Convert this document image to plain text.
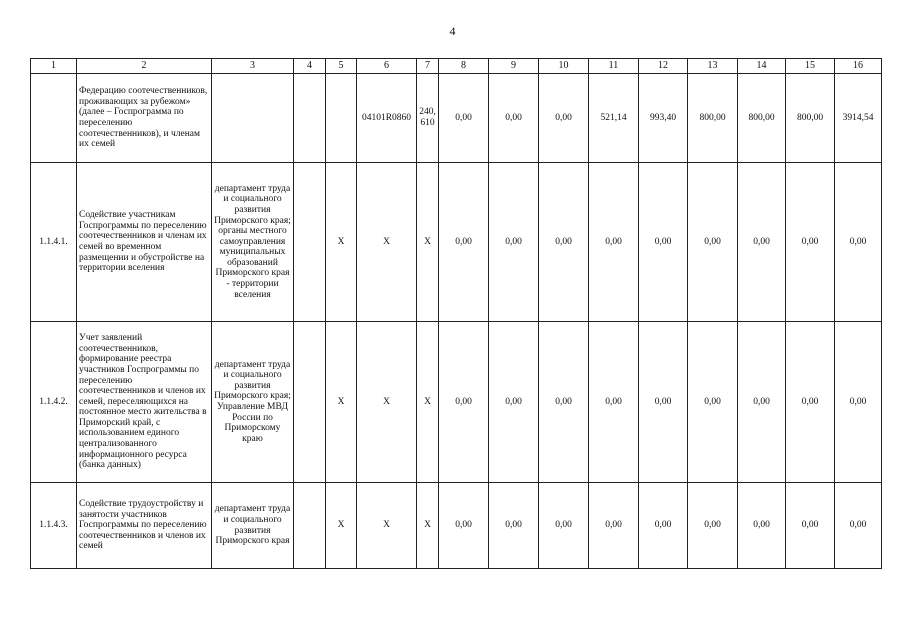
4
1	2	3	4	5	6	7	8	9	10	11	12	13	14	15	16
	Федерацию соотечественников, проживающих за рубежом» (далее – Госпрограмма по переселению соотечественников), и членам их семей				04101R0860	240, 610	0,00	0,00	0,00	521,14	993,40	800,00	800,00	800,00	3914,54
1.1.4.1.	Содействие участникам Госпрограммы по переселению соотечественников и членам их семей во временном размещении и обустройстве на территории вселения	департамент труда и социального развития Приморского края; органы местного самоуправления муниципальных образований Приморского края - территории вселения		Х	Х	Х	0,00	0,00	0,00	0,00	0,00	0,00	0,00	0,00	0,00
1.1.4.2.	Учет заявлений соотечественников, формирование реестра участников Госпрограммы по переселению соотечественников и членов их семей, переселяющихся на постоянное место жительства в Приморский край, с использованием единого централизованного информационного ресурса (банка данных)	департамент труда и социального развития Приморского края; Управление МВД России по Приморскому краю		Х	Х	Х	0,00	0,00	0,00	0,00	0,00	0,00	0,00	0,00	0,00
1.1.4.3.	Содействие трудоустройству и занятости участников Госпрограммы по переселению соотечественников и членов их семей	департамент труда и социального развития Приморского края		Х	Х	Х	0,00	0,00	0,00	0,00	0,00	0,00	0,00	0,00	0,00
